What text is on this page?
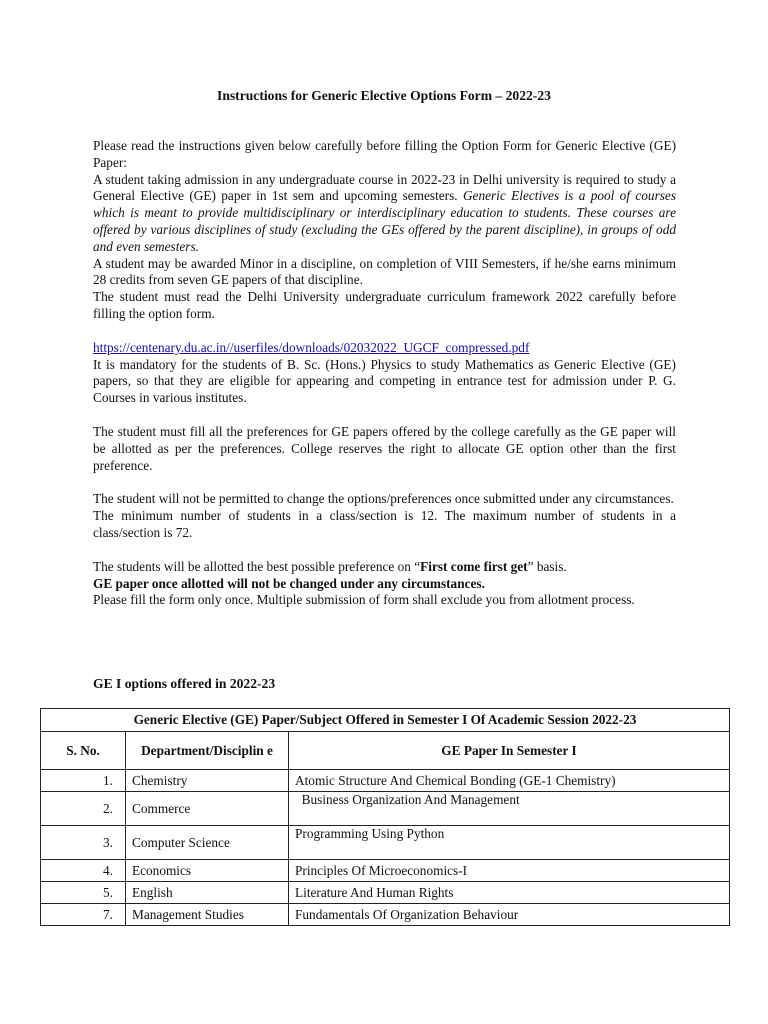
Instructions for Generic Elective Options Form – 2022-23

Please read the instructions given below carefully before filling the Option Form for Generic Elective (GE) Paper:

A student taking admission in any undergraduate course in 2022-23 in Delhi university is required to study a General Elective (GE) paper in 1st sem and upcoming semesters. Generic Electives is a pool of courses which is meant to provide multidisciplinary or interdisciplinary education to students. These courses are offered by various disciplines of study (excluding the GEs offered by the parent discipline), in groups of odd and even semesters.

A student may be awarded Minor in a discipline, on completion of VIII Semesters, if he/she earns minimum 28 credits from seven GE papers of that discipline.

The student must read the Delhi University undergraduate curriculum framework 2022 carefully before filling the option form.

https://centenary.du.ac.in//userfiles/downloads/02032022_UGCF_compressed.pdf

It is mandatory for the students of B. Sc. (Hons.) Physics to study Mathematics as Generic Elective (GE) papers, so that they are eligible for appearing and competing in entrance test for admission under P. G. Courses in various institutes.

The student must fill all the preferences for GE papers offered by the college carefully as the GE paper will be allotted as per the preferences. College reserves the right to allocate GE option other than the first preference.

The student will not be permitted to change the options/preferences once submitted under any circumstances.

The minimum number of students in a class/section is 12. The maximum number of students in a class/section is 72.

The students will be allotted the best possible preference on “First come first get” basis.

GE paper once allotted will not be changed under any circumstances.

Please fill the form only once. Multiple submission of form shall exclude you from allotment process.

GE I options offered in 2022-23
Generic Elective (GE) Paper/Subject Offered in Semester I Of Academic Session 2022-23		
S. No.	Department/Disciplin e	GE Paper In Semester I
1.	Chemistry	Atomic Structure And Chemical Bonding (GE-1 Chemistry)
2.	Commerce	Business Organization And Management
3.	Computer Science	Programming Using Python
4.	Economics	Principles Of Microeconomics-I
5.	English	Literature And Human Rights
7.	Management Studies	Fundamentals Of Organization Behaviour
